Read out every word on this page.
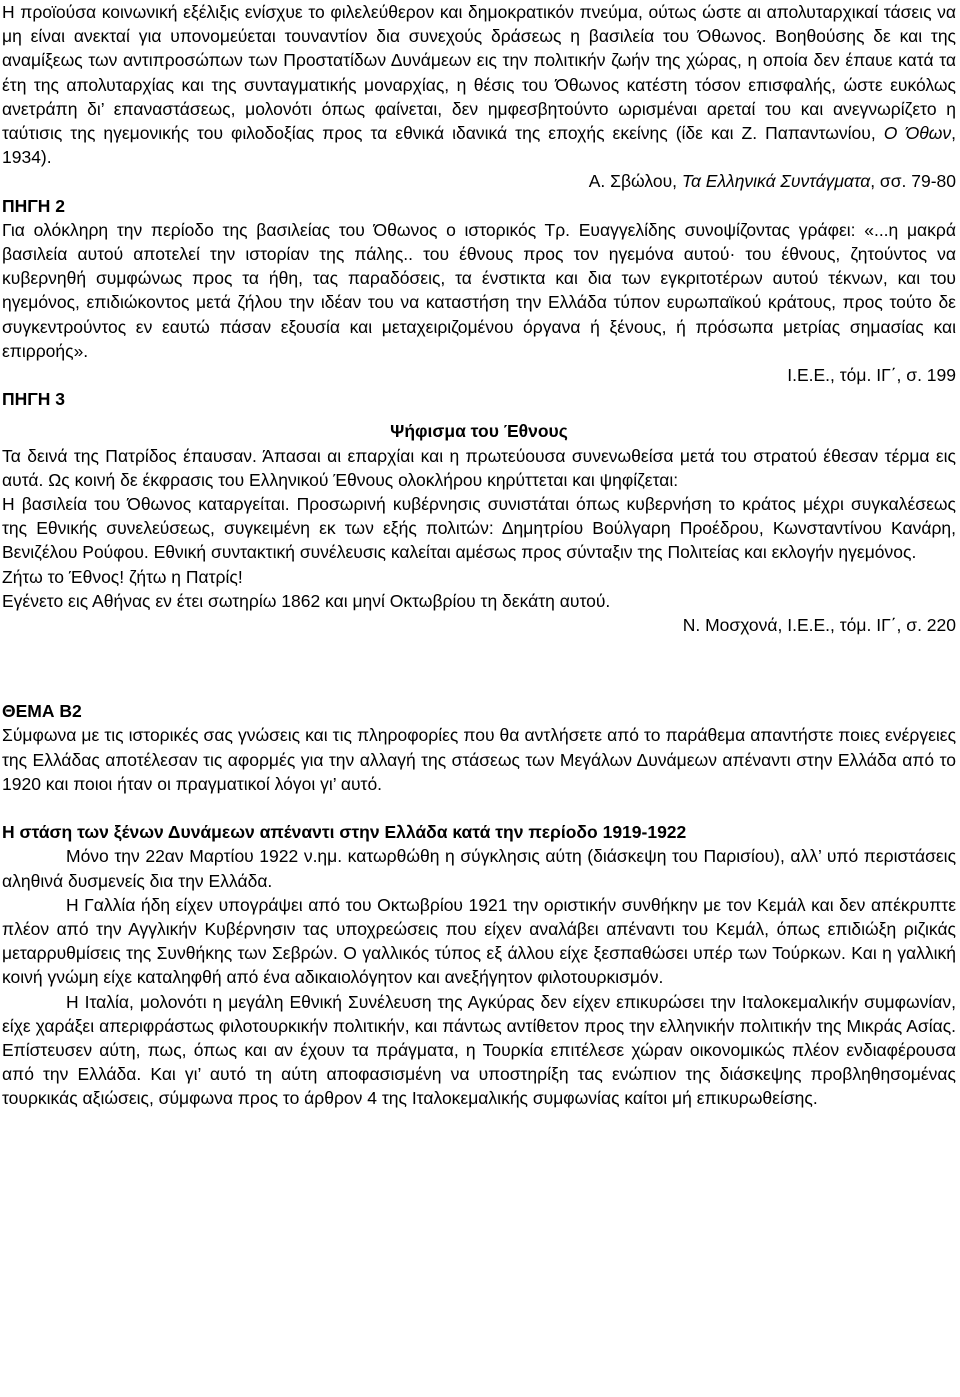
Η προϊούσα κοινωνική εξέλιξις ενίσχυε το φιλελεύθερον και δημοκρατικόν πνεύμα, ούτως ώστε αι απολυταρχικαί τάσεις να μη είναι ανεκταί για υπονομεύεται τουναντίον δια συνεχούς δράσεως η βασιλεία του Όθωνος. Βοηθούσης δε και της αναμίξεως των αντιπροσώπων των Προστατίδων Δυνάμεων εις την πολιτικήν ζωήν της χώρας, η οποία δεν έπαυε κατά τα έτη της απολυταρχίας και της συνταγματικής μοναρχίας, η θέσις του Όθωνος κατέστη τόσον επισφαλής, ώστε ευκόλως ανετράπη δι’ επαναστάσεως, μολονότι όπως φαίνεται, δεν ημφεσβητούντο ωρισμέναι αρεταί του και ανεγνωρίζετο η ταύτισις της ηγεμονικής του φιλοδοξίας προς τα εθνικά ιδανικά της εποχής εκείνης (ίδε και Ζ. Παπαντωνίου, Ο Όθων, 1934).

Α. Σβώλου, Τα Ελληνικά Συντάγματα, σσ. 79-80

ΠΗΓΗ 2

Για ολόκληρη την περίοδο της βασιλείας του Όθωνος ο ιστορικός Τρ. Ευαγγελίδης συνοψίζοντας γράφει: «...η μακρά βασιλεία αυτού αποτελεί την ιστορίαν της πάλης.. του έθνους προς τον ηγεμόνα αυτού· του έθνους, ζητούντος να κυβερνηθή συμφώνως προς τα ήθη, τας παραδόσεις, τα ένστικτα και δια των εγκριτοτέρων αυτού τέκνων, και του ηγεμόνος, επιδιώκοντος μετά ζήλου την ιδέαν του να καταστήση την Ελλάδα τύπον ευρωπαϊκού κράτους, προς τούτο δε συγκεντρούντος εν εαυτώ πάσαν εξουσία και μεταχειριζομένου όργανα ή ξένους, ή πρόσωπα μετρίας σημασίας και επιρροής».

Ι.Ε.Ε., τόμ. ΙΓ΄, σ. 199

ΠΗΓΗ 3

Ψήφισμα του Έθνους

Τα δεινά της Πατρίδος έπαυσαν. Άπασαι αι επαρχίαι και η πρωτεύουσα συνενωθείσα μετά του στρατού έθεσαν τέρμα εις αυτά. Ως κοινή δε έκφρασις του Ελληνικού Έθνους ολοκλήρου κηρύττεται και ψηφίζεται:

Η βασιλεία του Όθωνος καταργείται. Προσωρινή κυβέρνησις συνιστάται όπως κυβερνήση το κράτος μέχρι συγκαλέσεως της Εθνικής συνελεύσεως, συγκειμένη εκ των εξής πολιτών: Δημητρίου Βούλγαρη Προέδρου, Κωνσταντίνου Κανάρη, Βενιζέλου Ρούφου. Εθνική συντακτική συνέλευσις καλείται αμέσως προς σύνταξιν της Πολιτείας και εκλογήν ηγεμόνος.

Ζήτω το Έθνος! ζήτω η Πατρίς!

Εγένετο εις Αθήνας εν έτει σωτηρίω 1862 και μηνί Οκτωβρίου τη δεκάτη αυτού.

Ν. Μοσχονά, Ι.Ε.Ε., τόμ. ΙΓ΄, σ. 220

ΘΕΜΑ Β2

Σύμφωνα με τις ιστορικές σας γνώσεις και τις πληροφορίες που θα αντλήσετε από το παράθεμα απαντήστε ποιες ενέργειες της Ελλάδας αποτέλεσαν τις αφορμές για την αλλαγή της στάσεως των Μεγάλων Δυνάμεων απέναντι στην Ελλάδα από το 1920 και ποιοι ήταν οι πραγματικοί λόγοι γι’ αυτό.

Η στάση των ξένων Δυνάμεων απέναντι στην Ελλάδα κατά την περίοδο 1919-1922

Μόνο την 22αν Μαρτίου 1922 ν.ημ. κατωρθώθη η σύγκλησις αύτη (διάσκεψη του Παρισίου), αλλ’ υπό περιστάσεις αληθινά δυσμενείς δια την Ελλάδα.

Η Γαλλία ήδη είχεν υπογράψει από του Οκτωβρίου 1921 την οριστικήν συνθήκην με τον Κεμάλ και δεν απέκρυπτε πλέον από την Αγγλικήν Κυβέρνησιν τας υποχρεώσεις που είχεν αναλάβει απέναντι του Κεμάλ, όπως επιδιώξη ριζικάς μεταρρυθμίσεις της Συνθήκης των Σεβρών. Ο γαλλικός τύπος εξ άλλου είχε ξεσπαθώσει υπέρ των Τούρκων. Και η γαλλική κοινή γνώμη είχε καταληφθή από ένα αδικαιολόγητον και ανεξήγητον φιλοτουρκισμόν.

Η Ιταλία, μολονότι η μεγάλη Εθνική Συνέλευση της Αγκύρας δεν είχεν επικυρώσει την Ιταλοκεμαλικήν συμφωνίαν, είχε χαράξει απεριφράστως φιλοτουρκικήν πολιτικήν, και πάντως αντίθετον προς την ελληνικήν πολιτικήν της Μικράς Ασίας. Επίστευσεν αύτη, πως, όπως και αν έχουν τα πράγματα, η Τουρκία επιτέλεσε χώραν οικονομικώς πλέον ενδιαφέρουσα από την Ελλάδα. Και γι’ αυτό τη αύτη αποφασισμένη να υποστηρίξη τας ενώπιον της διάσκεψης προβληθησομένας τουρκικάς αξιώσεις, σύμφωνα προς το άρθρον 4 της Ιταλοκεμαλικής συμφωνίας καίτοι μή επικυρωθείσης.
